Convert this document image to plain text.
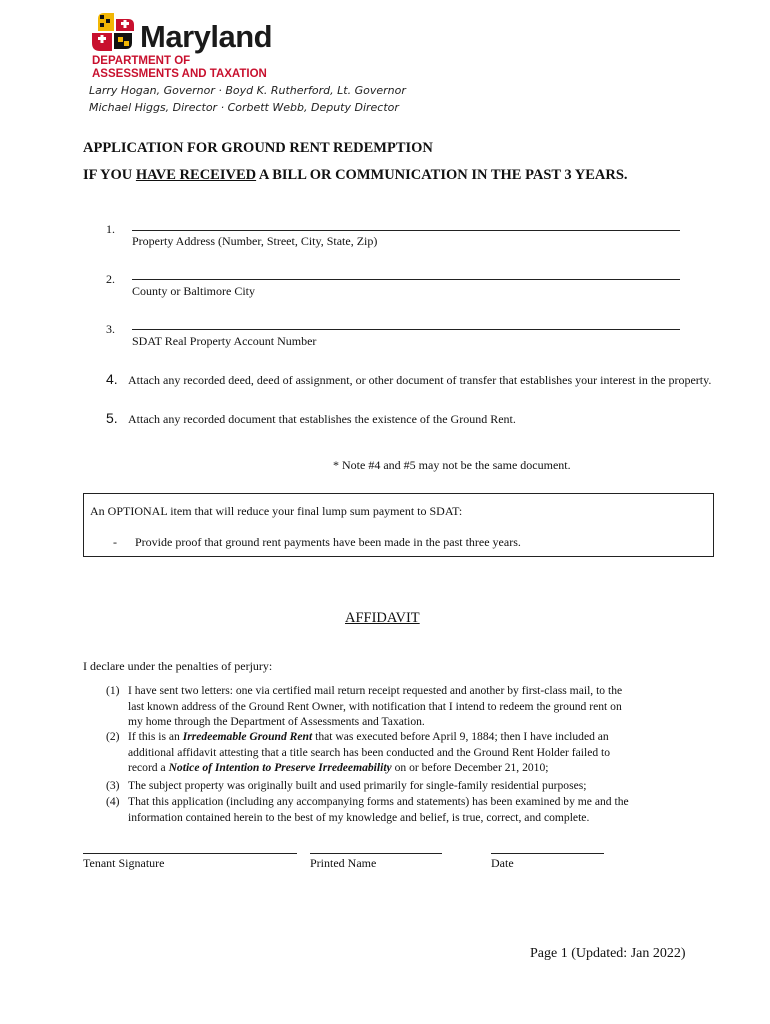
Maryland
DEPARTMENT OF
ASSESSMENTS AND TAXATION
Larry Hogan, Governor · Boyd K. Rutherford, Lt. Governor
Michael Higgs, Director · Corbett Webb, Deputy Director
APPLICATION FOR GROUND RENT REDEMPTION
IF YOU HAVE RECEIVED A BILL OR COMMUNICATION IN THE PAST 3 YEARS.
1.
Property Address (Number, Street, City, State, Zip)
2.
County or Baltimore City
3.
SDAT Real Property Account Number
4. Attach any recorded deed, deed of assignment, or other document of transfer that establishes your interest in the property.
5. Attach any recorded document that establishes the existence of the Ground Rent.
* Note #4 and #5 may not be the same document.
An OPTIONAL item that will reduce your final lump sum payment to SDAT:
- Provide proof that ground rent payments have been made in the past three years.
AFFIDAVIT
I declare under the penalties of perjury:
(1) I have sent two letters: one via certified mail return receipt requested and another by first-class mail, to the

last known address of the Ground Rent Owner, with notification that I intend to redeem the ground rent on

my home through the Department of Assessments and Taxation.

(2) If this is an Irredeemable Ground Rent that was executed before April 9, 1884; then I have included an

additional affidavit attesting that a title search has been conducted and the Ground Rent Holder failed to

record a Notice of Intention to Preserve Irredeemability on or before December 21, 2010;

(3) The subject property was originally built and used primarily for single-family residential purposes;

(4) That this application (including any accompanying forms and statements) has been examined by me and the

information contained herein to the best of my knowledge and belief, is true, correct, and complete.

Tenant Signature	Printed Name	Date
Page 1 (Updated: Jan 2022)
